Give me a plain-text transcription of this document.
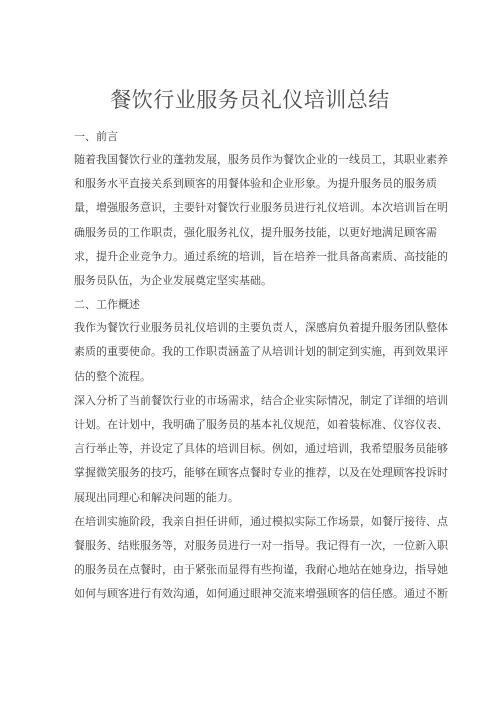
餐饮行业服务员礼仪培训总结

一、前言

随着我国餐饮行业的蓬勃发展，服务员作为餐饮企业的一线员工，其职业素养
和服务水平直接关系到顾客的用餐体验和企业形象。为提升服务员的服务质
量，增强服务意识，主要针对餐饮行业服务员进行礼仪培训。本次培训旨在明
确服务员的工作职责，强化服务礼仪，提升服务技能，以更好地满足顾客需
求，提升企业竞争力。通过系统的培训，旨在培养一批具备高素质、高技能的
服务员队伍，为企业发展奠定坚实基础。

二、工作概述

我作为餐饮行业服务员礼仪培训的主要负责人，深感肩负着提升服务团队整体
素质的重要使命。我的工作职责涵盖了从培训计划的制定到实施，再到效果评
估的整个流程。

深入分析了当前餐饮行业的市场需求，结合企业实际情况，制定了详细的培训
计划。在计划中，我明确了服务员的基本礼仪规范，如着装标准、仪容仪表、
言行举止等，并设定了具体的培训目标。例如，通过培训，我希望服务员能够
掌握微笑服务的技巧，能够在顾客点餐时专业的推荐，以及在处理顾客投诉时
展现出同理心和解决问题的能力。

在培训实施阶段，我亲自担任讲师，通过模拟实际工作场景，如餐厅接待、点
餐服务、结账服务等，对服务员进行一对一指导。我记得有一次，一位新入职
的服务员在点餐时，由于紧张而显得有些拘谨，我耐心地站在她身边，指导她
如何与顾客进行有效沟通，如何通过眼神交流来增强顾客的信任感。通过不断
